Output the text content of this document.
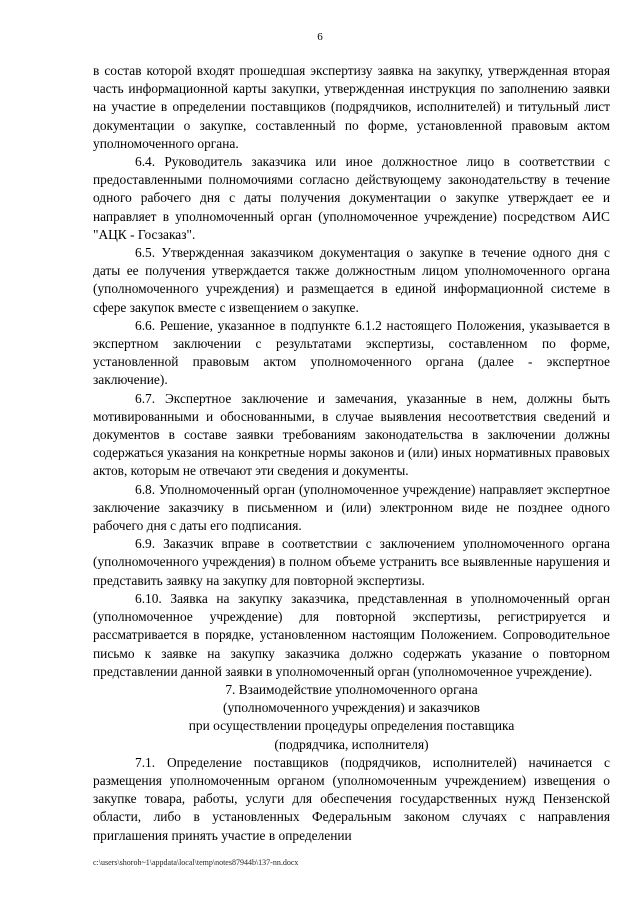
6

в состав которой входят прошедшая экспертизу заявка на закупку, утвержденная вторая часть информационной карты закупки, утвержденная инструкция по заполнению заявки на участие в определении поставщиков (подрядчиков, исполнителей) и титульный лист документации о закупке, составленный по форме, установленной правовым актом уполномоченного органа.

6.4. Руководитель заказчика или иное должностное лицо в соответствии с предоставленными полномочиями согласно действующему законодательству в течение одного рабочего дня с даты получения документации о закупке утверждает ее и направляет в уполномоченный орган (уполномоченное учреждение) посредством АИС "АЦК - Госзаказ".

6.5. Утвержденная заказчиком документация о закупке в течение одного дня с даты ее получения утверждается также должностным лицом уполномоченного органа (уполномоченного учреждения) и размещается в единой информационной системе в сфере закупок вместе с извещением о закупке.

6.6. Решение, указанное в подпункте 6.1.2 настоящего Положения, указывается в экспертном заключении с результатами экспертизы, составленном по форме, установленной правовым актом уполномоченного органа (далее - экспертное заключение).

6.7. Экспертное заключение и замечания, указанные в нем, должны быть мотивированными и обоснованными, в случае выявления несоответствия сведений и документов в составе заявки требованиям законодательства в заключении должны содержаться указания на конкретные нормы законов и (или) иных нормативных правовых актов, которым не отвечают эти сведения и документы.

6.8. Уполномоченный орган (уполномоченное учреждение) направляет экспертное заключение заказчику в письменном и (или) электронном виде не позднее одного рабочего дня с даты его подписания.

6.9. Заказчик вправе в соответствии с заключением уполномоченного органа (уполномоченного учреждения) в полном объеме устранить все выявленные нарушения и представить заявку на закупку для повторной экспертизы.

6.10. Заявка на закупку заказчика, представленная в уполномоченный орган (уполномоченное учреждение) для повторной экспертизы, регистрируется и рассматривается в порядке, установленном настоящим Положением. Сопроводительное письмо к заявке на закупку заказчика должно содержать указание о повторном представлении данной заявки в уполномоченный орган (уполномоченное учреждение).

7. Взаимодействие уполномоченного органа
(уполномоченного учреждения) и заказчиков
при осуществлении процедуры определения поставщика
(подрядчика, исполнителя)

7.1. Определение поставщиков (подрядчиков, исполнителей) начинается с размещения уполномоченным органом (уполномоченным учреждением) извещения о закупке товара, работы, услуги для обеспечения государственных нужд Пензенской области, либо в установленных Федеральным законом случаях с направления приглашения принять участие в определении

c:\users\shoroh~1\appdata\local\temp\notes87944b\137-nn.docx
